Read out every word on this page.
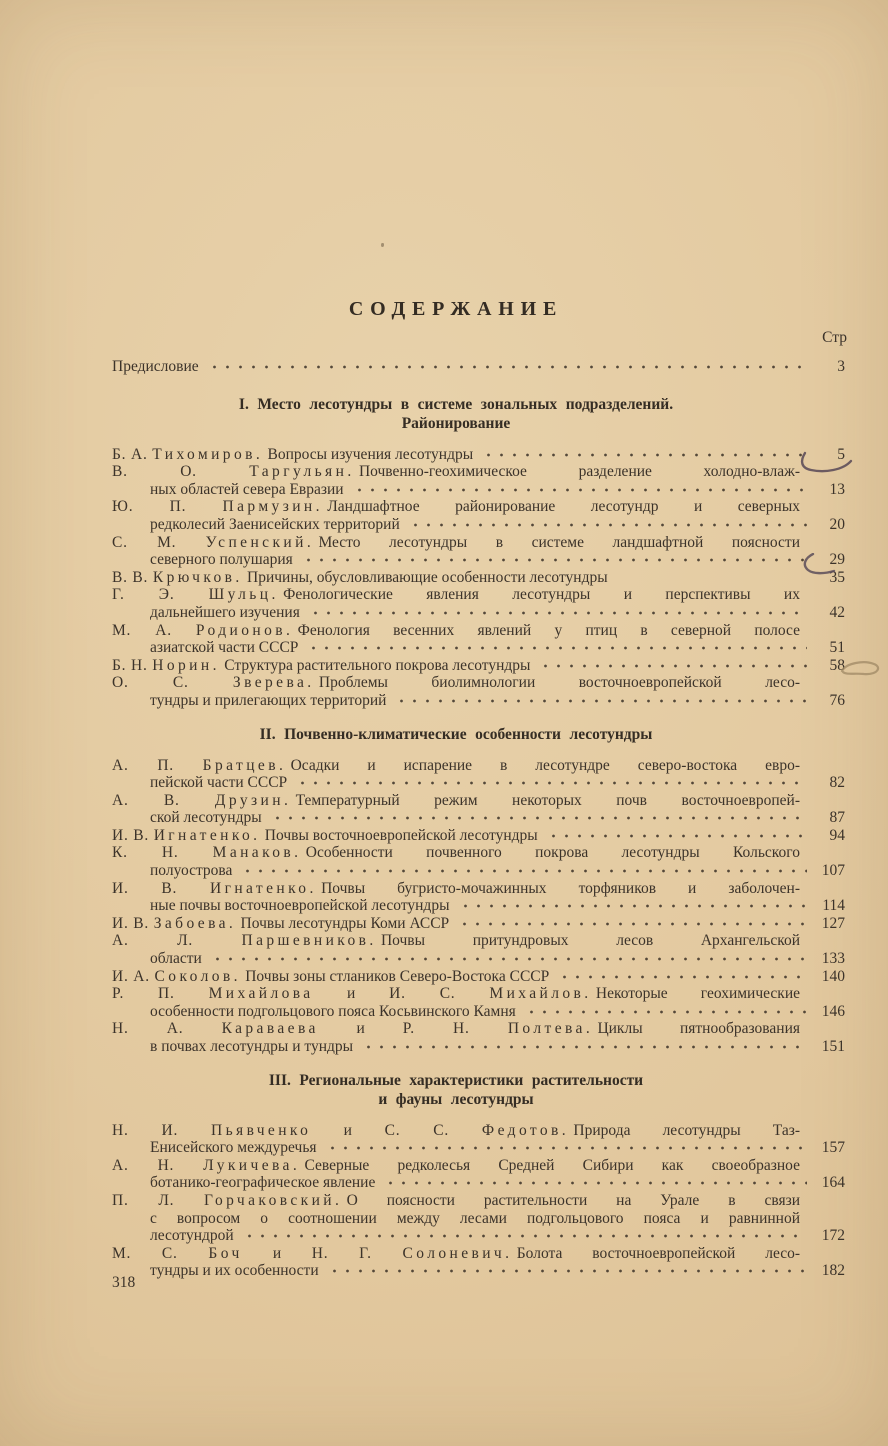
СОДЕРЖАНИЕ
Стр
Предисловие	3
I. Место лесотундры в системе зональных подразделений.
Районирование
Б. А. Тихомиров. Вопросы изучения лесотундры	5
В. О. Таргульян. Почвенно-геохимическое разделение холодно-влаж-
ных областей севера Евразии	13
Ю. П. Пармузин. Ландшафтное районирование лесотундр и северных
редколесий Заенисейских территорий	20
С. М. Успенский. Место лесотундры в системе ландшафтной поясности
северного полушария	29
В. В. Крючков. Причины, обусловливающие особенности лесотундры	35
Г. Э. Шульц. Фенологические явления лесотундры и перспективы их
дальнейшего изучения	42
М. А. Родионов. Фенология весенних явлений у птиц в северной полосе
азиатской части СССР	51
Б. Н. Норин. Структура растительного покрова лесотундры	58
О. С. Зверева. Проблемы биолимнологии восточноевропейской лесо-
тундры и прилегающих территорий	76
II. Почвенно-климатические особенности лесотундры
А. П. Братцев. Осадки и испарение в лесотундре северо-востока евро-
пейской части СССР	82
А. В. Друзин. Температурный режим некоторых почв восточноевропей-
ской лесотундры	87
И. В. Игнатенко. Почвы восточноевропейской лесотундры	94
К. Н. Манаков. Особенности почвенного покрова лесотундры Кольского
полуострова	107
И. В. Игнатенко. Почвы бугристо-мочажинных торфяников и заболочен-
ные почвы восточноевропейской лесотундры	114
И. В. Забоева. Почвы лесотундры Коми АССР	127
А. Л. Паршевников. Почвы притундровых лесов Архангельской
области	133
И. А. Соколов. Почвы зоны стлаников Северо-Востока СССР	140
Р. П. Михайлова и И. С. Михайлов. Некоторые геохимические
особенности подгольцового пояса Косьвинского Камня	146
Н. А. Караваева и Р. Н. Полтева. Циклы пятнообразования
в почвах лесотундры и тундры	151
III. Региональные характеристики растительности
и фауны лесотундры
Н. И. Пьявченко и С. С. Федотов. Природа лесотундры Таз-
Енисейского междуречья	157
А. Н. Лукичева. Северные редколесья Средней Сибири как своеобразное
ботанико-географическое явление	164
П. Л. Горчаковский. О поясности растительности на Урале в связи
с вопросом о соотношении между лесами подгольцового пояса и равнинной
лесотундрой	172
М. С. Боч и Н. Г. Солоневич. Болота восточноевропейской лесо-
тундры и их особенности	182
318
